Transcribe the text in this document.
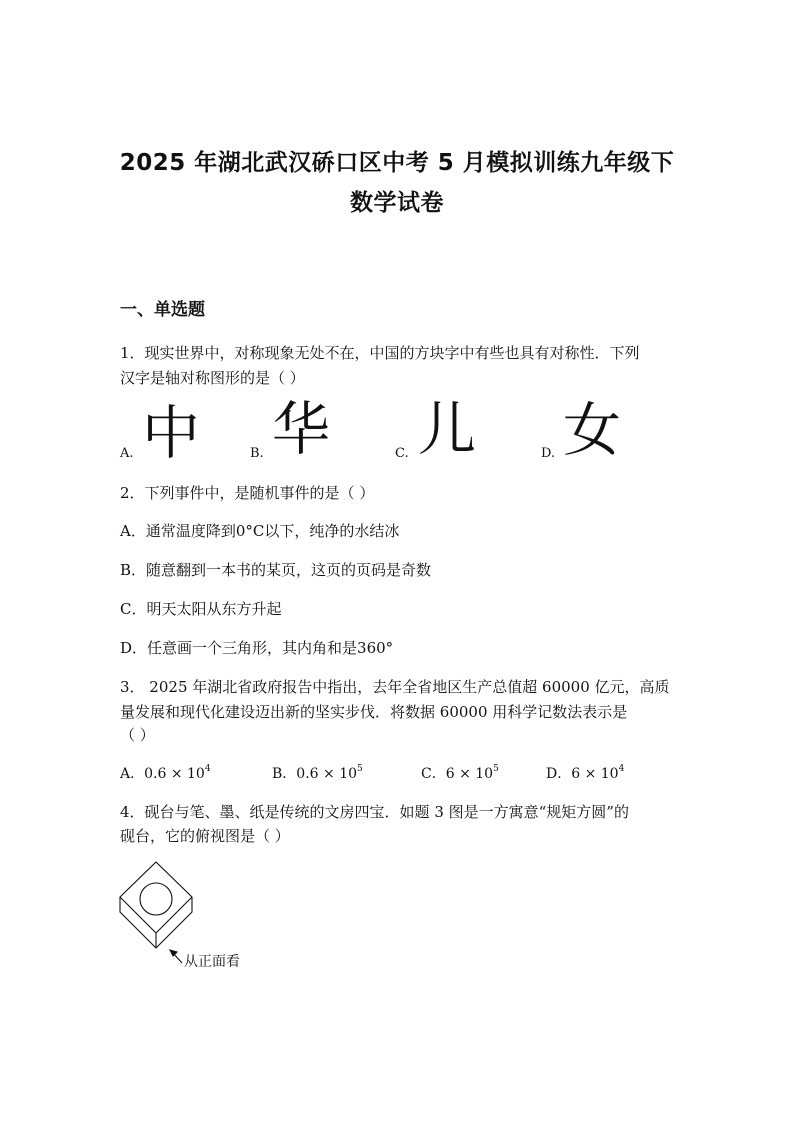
2025 年湖北武汉硚口区中考 5 月模拟训练九年级下
数学试卷
一、单选题
1．现实世界中，对称现象无处不在，中国的方块字中有些也具有对称性．下列
汉字是轴对称图形的是（ ）
A. 中	B. 华	C. 儿	D. 女
2．下列事件中，是随机事件的是（ ）
A．通常温度降到0°C以下，纯净的水结冰
B．随意翻到一本书的某页，这页的页码是奇数
C．明天太阳从东方升起
D．任意画一个三角形，其内角和是360°
3． 2025 年湖北省政府报告中指出，去年全省地区生产总值超 60000 亿元，高质
量发展和现代化建设迈出新的坚实步伐．将数据 60000 用科学记数法表示是
（ ）
A．$0.6 \times 10^4$	B．$0.6 \times 10^5$	C．$6 \times 10^5$	D．$6 \times 10^4$
4．砚台与笔、墨、纸是传统的文房四宝．如题 3 图是一方寓意“规矩方圆”的
砚台，它的俯视图是（ ）
从正面看
